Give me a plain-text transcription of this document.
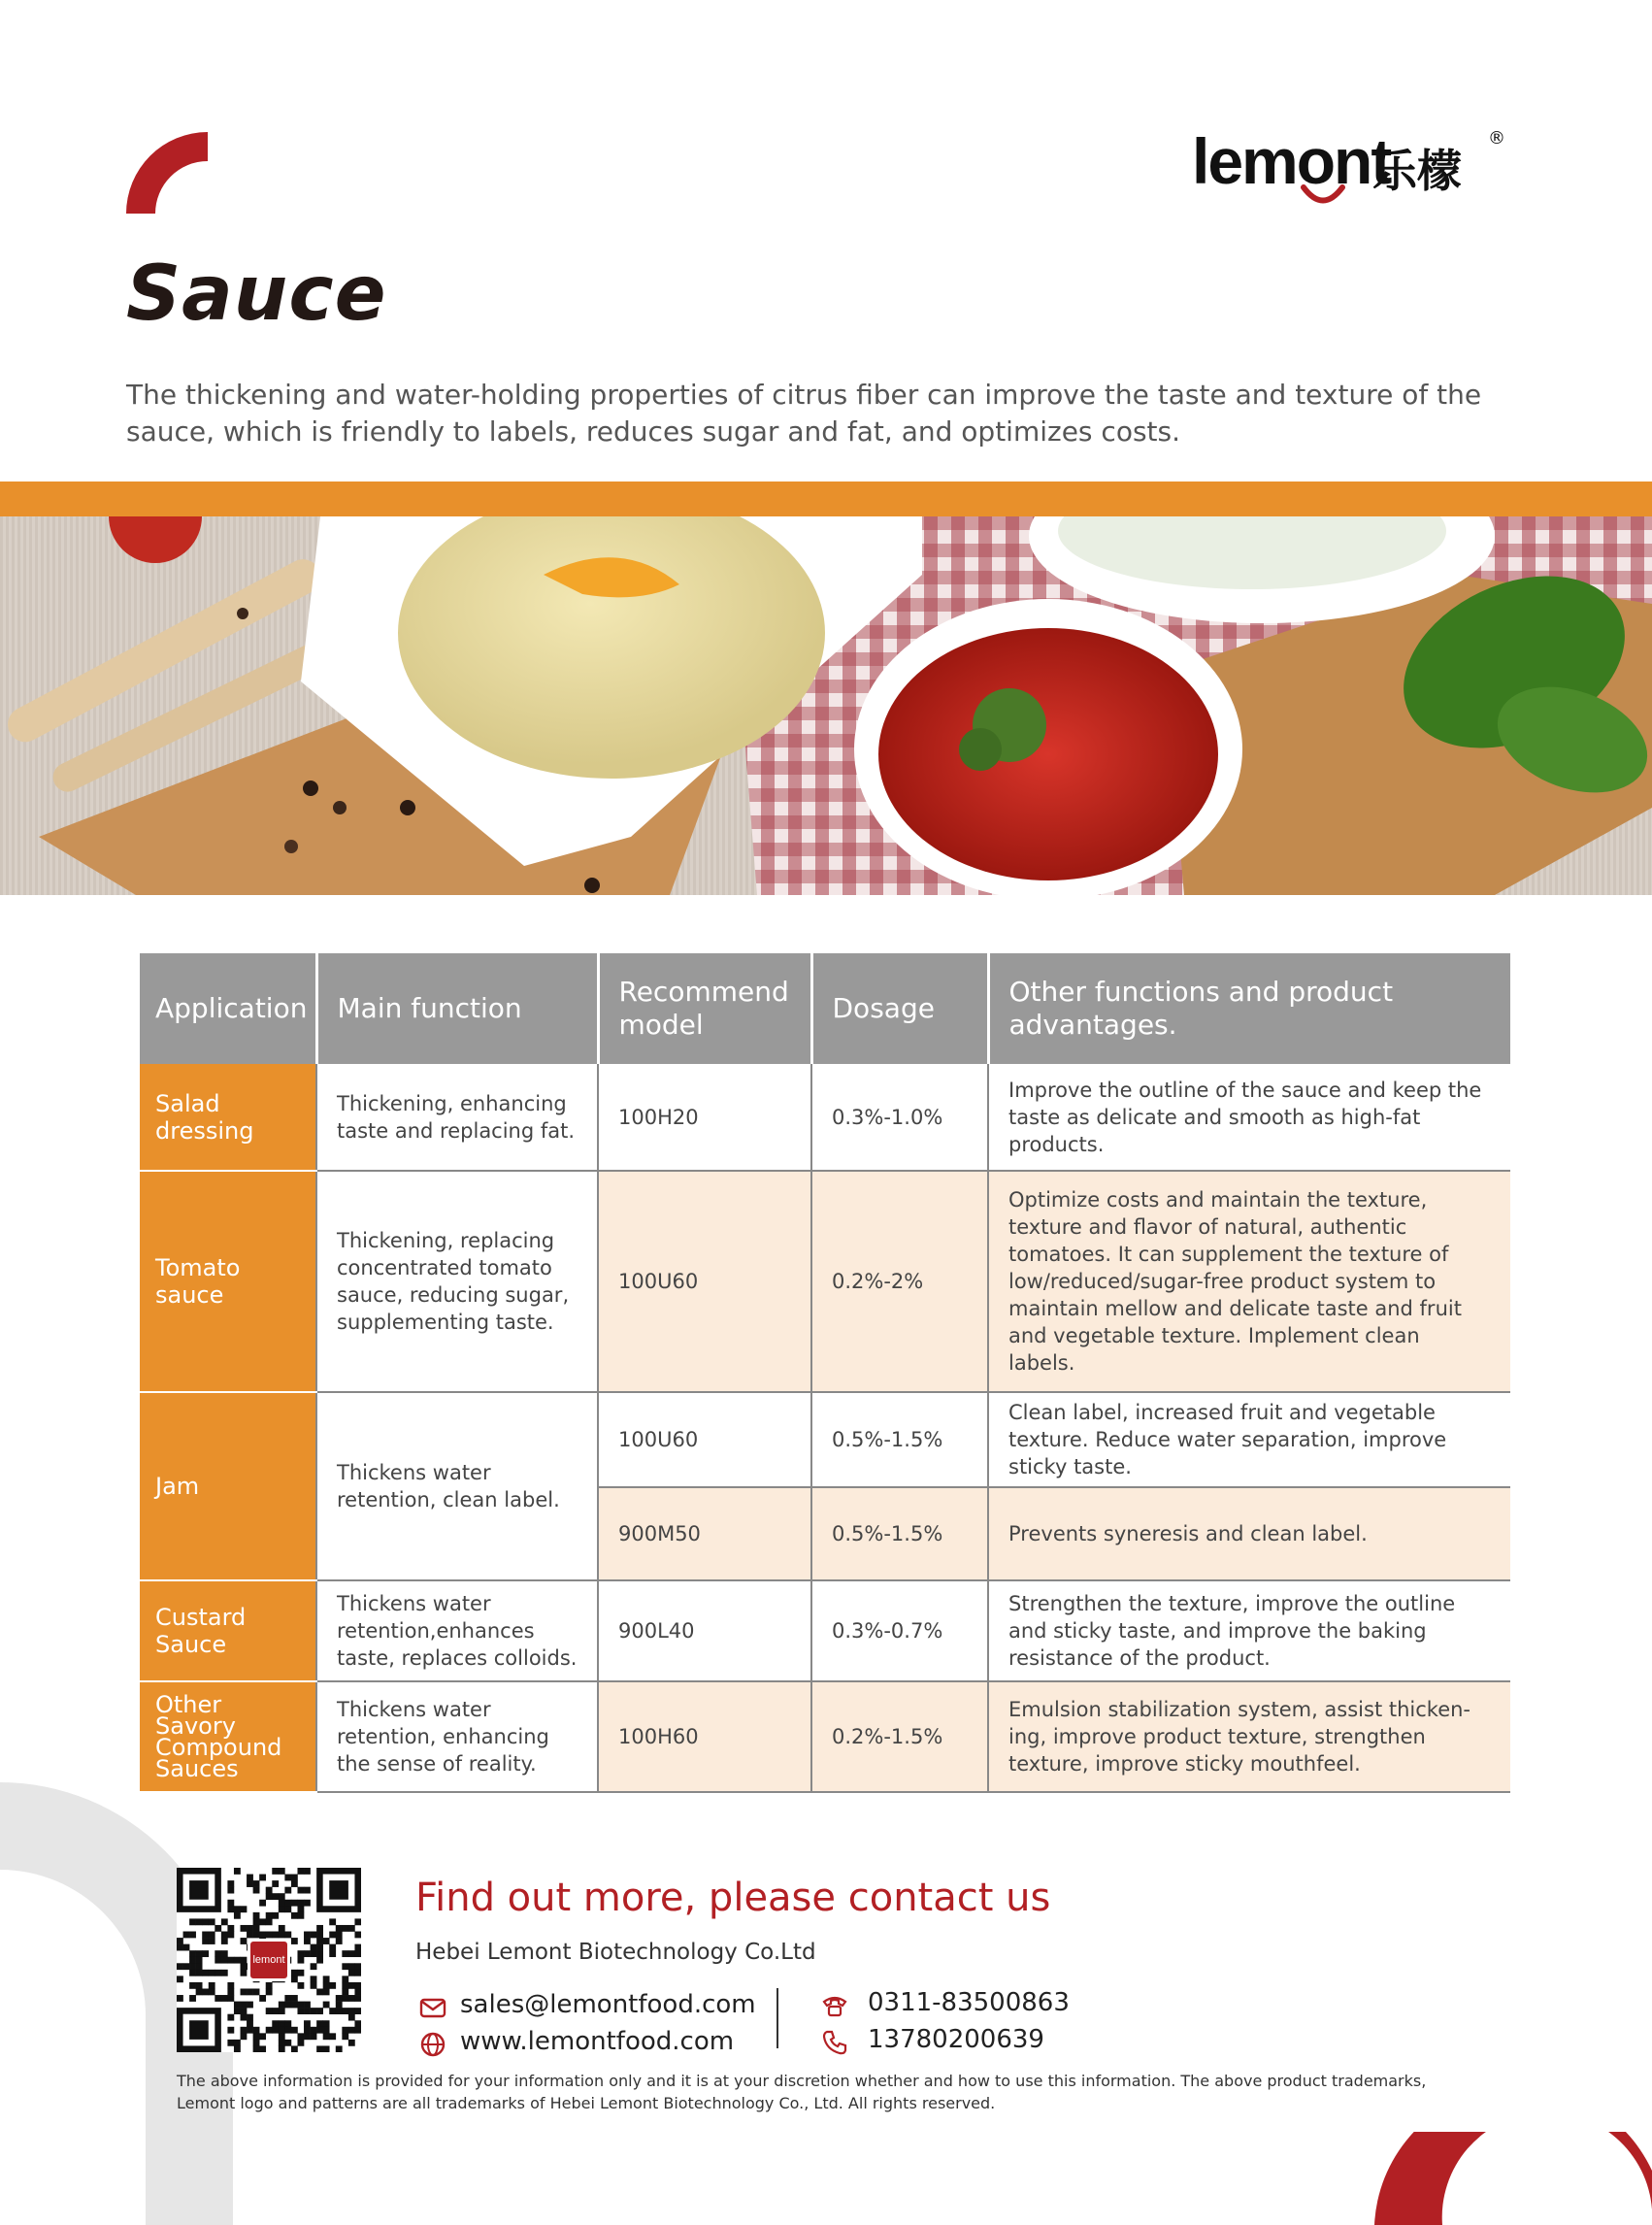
lemont
乐檬
®
Sauce

The thickening and water-holding properties of citrus fiber can improve the taste and texture of the sauce, which is friendly to labels, reduces sugar and fat, and optimizes costs.

Application	Main function	Recommend model	Dosage	Other functions and product advantages.
Salad dressing	Thickening, enhancing taste and replacing fat.	100H20	0.3%-1.0%	Improve the outline of the sauce and keep the taste as delicate and smooth as high-fat products.
Tomato sauce	Thickening, replacing concentrated tomato sauce, reducing sugar, supplementing taste.	100U60	0.2%-2%	Optimize costs and maintain the texture, texture and flavor of natural, authentic tomatoes. It can supplement the texture of low/reduced/sugar-free product system to maintain mellow and delicate taste and fruit and vegetable texture. Implement clean labels.
Jam	Thickens water retention, clean label.	100U60	0.5%-1.5%	Clean label, increased fruit and vegetable texture. Reduce water separation, improve sticky taste.
		900M50	0.5%-1.5%	Prevents syneresis and clean label.
Custard Sauce	Thickens water retention,enhances taste, replaces colloids.	900L40	0.3%-0.7%	Strengthen the texture, improve the outline and sticky taste, and improve the baking resistance of the product.
Other Savory Compound Sauces	Thickens water retention, enhancing the sense of reality.	100H60	0.2%-1.5%	Emulsion stabilization system, assist thicken-ing, improve product texture, strengthen texture, improve sticky mouthfeel.
lemont
Find out more, please contact us
Hebei Lemont Biotechnology Co.Ltd
sales@lemontfood.com
www.lemontfood.com
0311-83500863
13780200639

The above information is provided for your information only and it is at your discretion whether and how to use this information. The above product trademarks, Lemont logo and patterns are all trademarks of Hebei Lemont Biotechnology Co., Ltd. All rights reserved.
